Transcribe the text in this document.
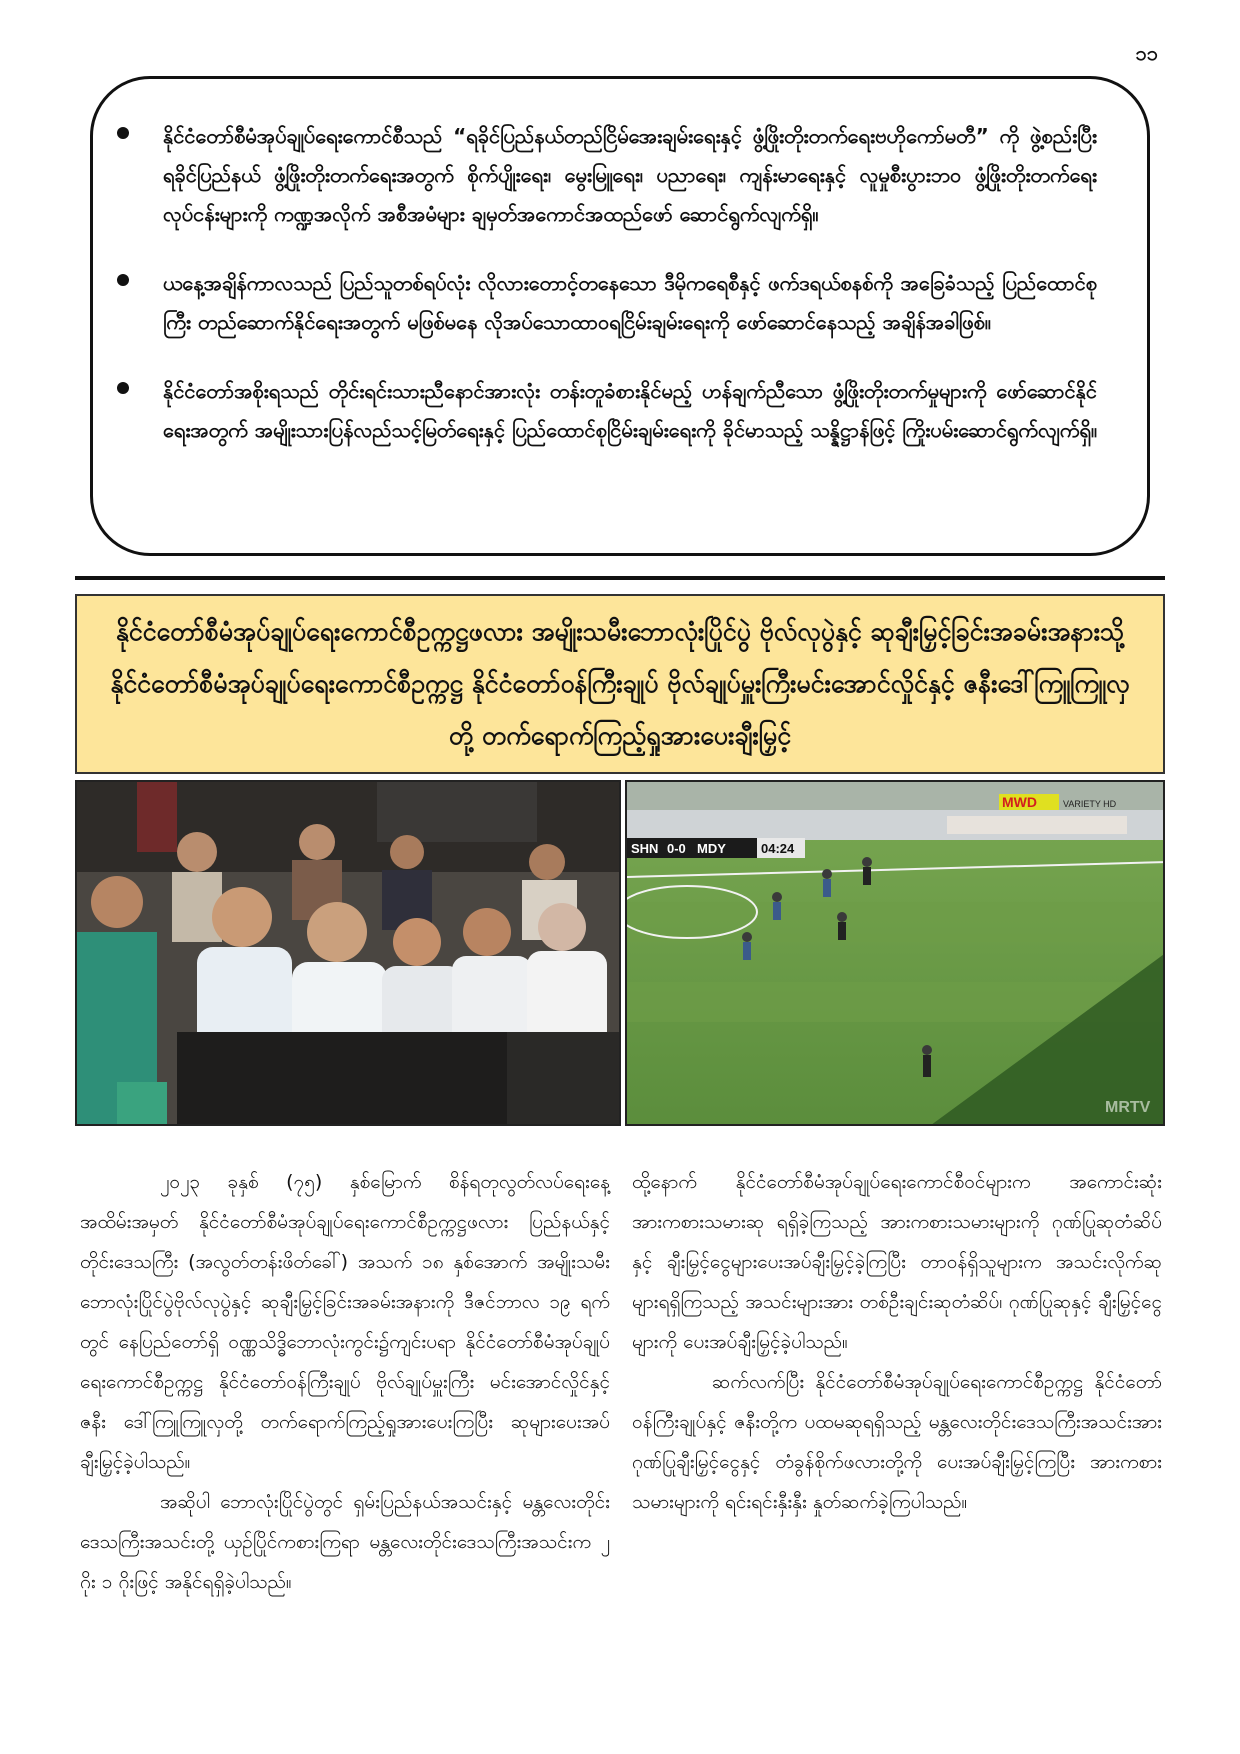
၁၁
နိုင်ငံတော်စီမံအုပ်ချုပ်ရေးကောင်စီသည် “ရခိုင်ပြည်နယ်တည်ငြိမ်အေးချမ်းရေးနှင့် ဖွံ့ဖြိုးတိုးတက်ရေးဗဟိုကော်မတီ” ကို ဖွဲ့စည်းပြီး ရခိုင်ပြည်နယ် ဖွံ့ဖြိုးတိုးတက်ရေးအတွက် စိုက်ပျိုးရေး၊ မွေးမြူရေး၊ ပညာရေး၊ ကျန်းမာရေးနှင့် လူမှုစီးပွားဘဝ ဖွံ့ဖြိုးတိုးတက်ရေးလုပ်ငန်းများကို ကဏ္ဍအလိုက် အစီအမံများ ချမှတ်အကောင်အထည်ဖော် ဆောင်ရွက်လျက်ရှိ။
ယနေ့အချိန်ကာလသည် ပြည်သူတစ်ရပ်လုံး လိုလားတောင့်တနေသော ဒီမိုကရေစီနှင့် ဖက်ဒရယ်စနစ်ကို အခြေခံသည့် ပြည်ထောင်စုကြီး တည်ဆောက်နိုင်ရေးအတွက် မဖြစ်မနေ လိုအပ်သောထာဝရငြိမ်းချမ်းရေးကို ဖော်ဆောင်နေသည့် အချိန်အခါဖြစ်။
နိုင်ငံတော်အစိုးရသည် တိုင်းရင်းသားညီနောင်အားလုံး တန်းတူခံစားနိုင်မည့် ဟန်ချက်ညီသော ဖွံ့ဖြိုးတိုးတက်မှုများကို ဖော်ဆောင်နိုင်ရေးအတွက် အမျိုးသားပြန်လည်သင့်မြတ်ရေးနှင့် ပြည်ထောင်စုငြိမ်းချမ်းရေးကို ခိုင်မာသည့် သန္နိဋ္ဌာန်ဖြင့် ကြိုးပမ်းဆောင်ရွက်လျက်ရှိ။
နိုင်ငံတော်စီမံအုပ်ချုပ်ရေးကောင်စီဥက္ကဋ္ဌဖလား အမျိုးသမီးဘောလုံးပြိုင်ပွဲ ဗိုလ်လုပွဲနှင့် ဆုချီးမြှင့်ခြင်းအခမ်းအနားသို့ နိုင်ငံတော်စီမံအုပ်ချုပ်ရေးကောင်စီဥက္ကဋ္ဌ နိုင်ငံတော်ဝန်ကြီးချုပ် ဗိုလ်ချုပ်မှူးကြီးမင်းအောင်လှိုင်နှင့် ဇနီးဒေါ်ကြူကြူလှတို့ တက်ရောက်ကြည့်ရှုအားပေးချီးမြှင့်
MWD	VARIETY HD
SHN 0-0 MDY	04:24
MRTV

၂၀၂၃ ခုနှစ် (၇၅) နှစ်မြောက် စိန်ရတုလွတ်လပ်ရေးနေ့အထိမ်းအမှတ် နိုင်ငံတော်စီမံအုပ်ချုပ်ရေးကောင်စီဥက္ကဋ္ဌဖလား ပြည်နယ်နှင့်တိုင်းဒေသကြီး (အလွတ်တန်းဖိတ်ခေါ်) အသက် ၁၈ နှစ်အောက် အမျိုးသမီးဘောလုံးပြိုင်ပွဲဗိုလ်လုပွဲနှင့် ဆုချီးမြှင့်ခြင်းအခမ်းအနားကို ဒီဇင်ဘာလ ၁၉ ရက်တွင် နေပြည်တော်ရှိ ဝဏ္ဏသိဒ္ဓိဘောလုံးကွင်း၌ကျင်းပရာ နိုင်ငံတော်စီမံအုပ်ချုပ်ရေးကောင်စီဥက္ကဋ္ဌ နိုင်ငံတော်ဝန်ကြီးချုပ် ဗိုလ်ချုပ်မှူးကြီး မင်းအောင်လှိုင်နှင့် ဇနီး ဒေါ်ကြူကြူလှတို့ တက်ရောက်ကြည့်ရှုအားပေးကြပြီး ဆုများပေးအပ်ချီးမြှင့်ခဲ့ပါသည်။

အဆိုပါ ဘောလုံးပြိုင်ပွဲတွင် ရှမ်းပြည်နယ်အသင်းနှင့် မန္တလေးတိုင်းဒေသကြီးအသင်းတို့ ယှဉ်ပြိုင်ကစားကြရာ မန္တလေးတိုင်းဒေသကြီးအသင်းက ၂ ဂိုး ၁ ဂိုးဖြင့် အနိုင်ရရှိခဲ့ပါသည်။

ထို့နောက် နိုင်ငံတော်စီမံအုပ်ချုပ်ရေးကောင်စီဝင်များက အကောင်းဆုံးအားကစားသမားဆု ရရှိခဲ့ကြသည့် အားကစားသမားများကို ဂုဏ်ပြုဆုတံဆိပ်နှင့် ချီးမြှင့်ငွေများပေးအပ်ချီးမြှင့်ခဲ့ကြပြီး တာဝန်ရှိသူများက အသင်းလိုက်ဆုများရရှိကြသည့် အသင်းများအား တစ်ဦးချင်းဆုတံဆိပ်၊ ဂုဏ်ပြုဆုနှင့် ချီးမြှင့်ငွေများကို ပေးအပ်ချီးမြှင့်ခဲ့ပါသည်။

ဆက်လက်ပြီး နိုင်ငံတော်စီမံအုပ်ချုပ်ရေးကောင်စီဥက္ကဋ္ဌ နိုင်ငံတော်ဝန်ကြီးချုပ်နှင့် ဇနီးတို့က ပထမဆုရရှိသည့် မန္တလေးတိုင်းဒေသကြီးအသင်းအား ဂုဏ်ပြုချီးမြှင့်ငွေနှင့် တံခွန်စိုက်ဖလားတို့ကို ပေးအပ်ချီးမြှင့်ကြပြီး အားကစားသမားများကို ရင်းရင်းနှီးနှီး နှုတ်ဆက်ခဲ့ကြပါသည်။
